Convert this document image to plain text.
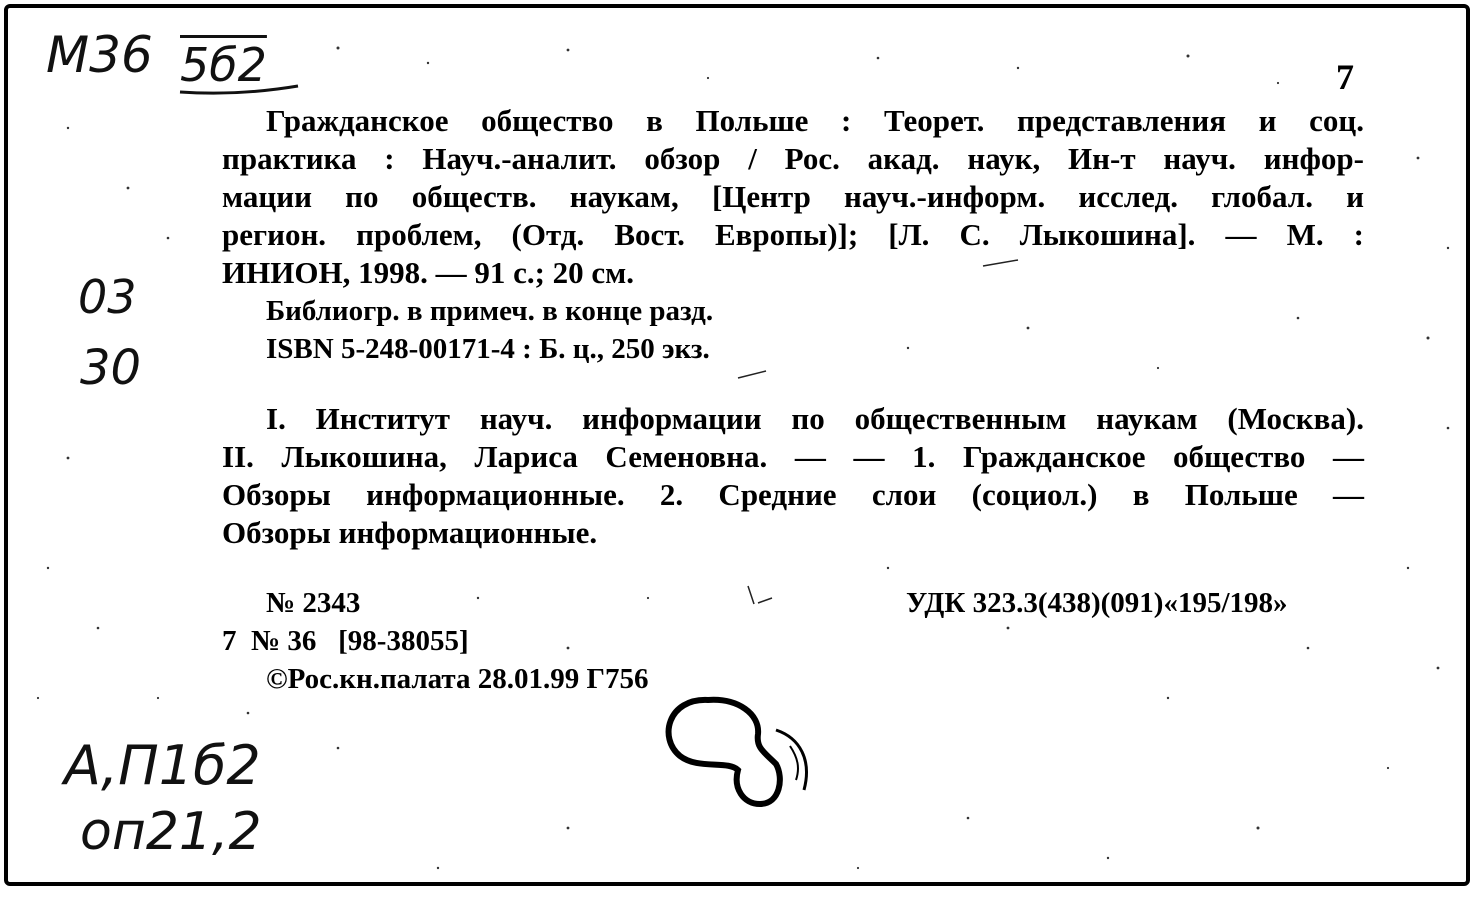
М36 5б2
03
30
А,П1б2
оп21,2
7
Гражданское общество в Польше : Теорет. представления и соц.
практика : Науч.-аналит. обзор / Рос. акад. наук, Ин-т науч. инфор-
мации по обществ. наукам, [Центр науч.-информ. исслед. глобал. и
регион. проблем, (Отд. Вост. Европы)]; [Л. С. Лыкошина]. — М. :
ИНИОН, 1998. — 91 с.; 20 см.
Библиогр. в примеч. в конце разд.
ISBN 5-248-00171-4 : Б. ц., 250 экз.
I. Институт науч. информации по общественным наукам (Москва).
II. Лыкошина, Лариса Семеновна. — — 1. Гражданское общество —
Обзоры информационные. 2. Средние слои (социол.) в Польше —
Обзоры информационные.
№ 2343	УДК 323.3(438)(091)«195/198»
7  № 36   [98-38055]
©Рос.кн.палата 28.01.99 Г756
